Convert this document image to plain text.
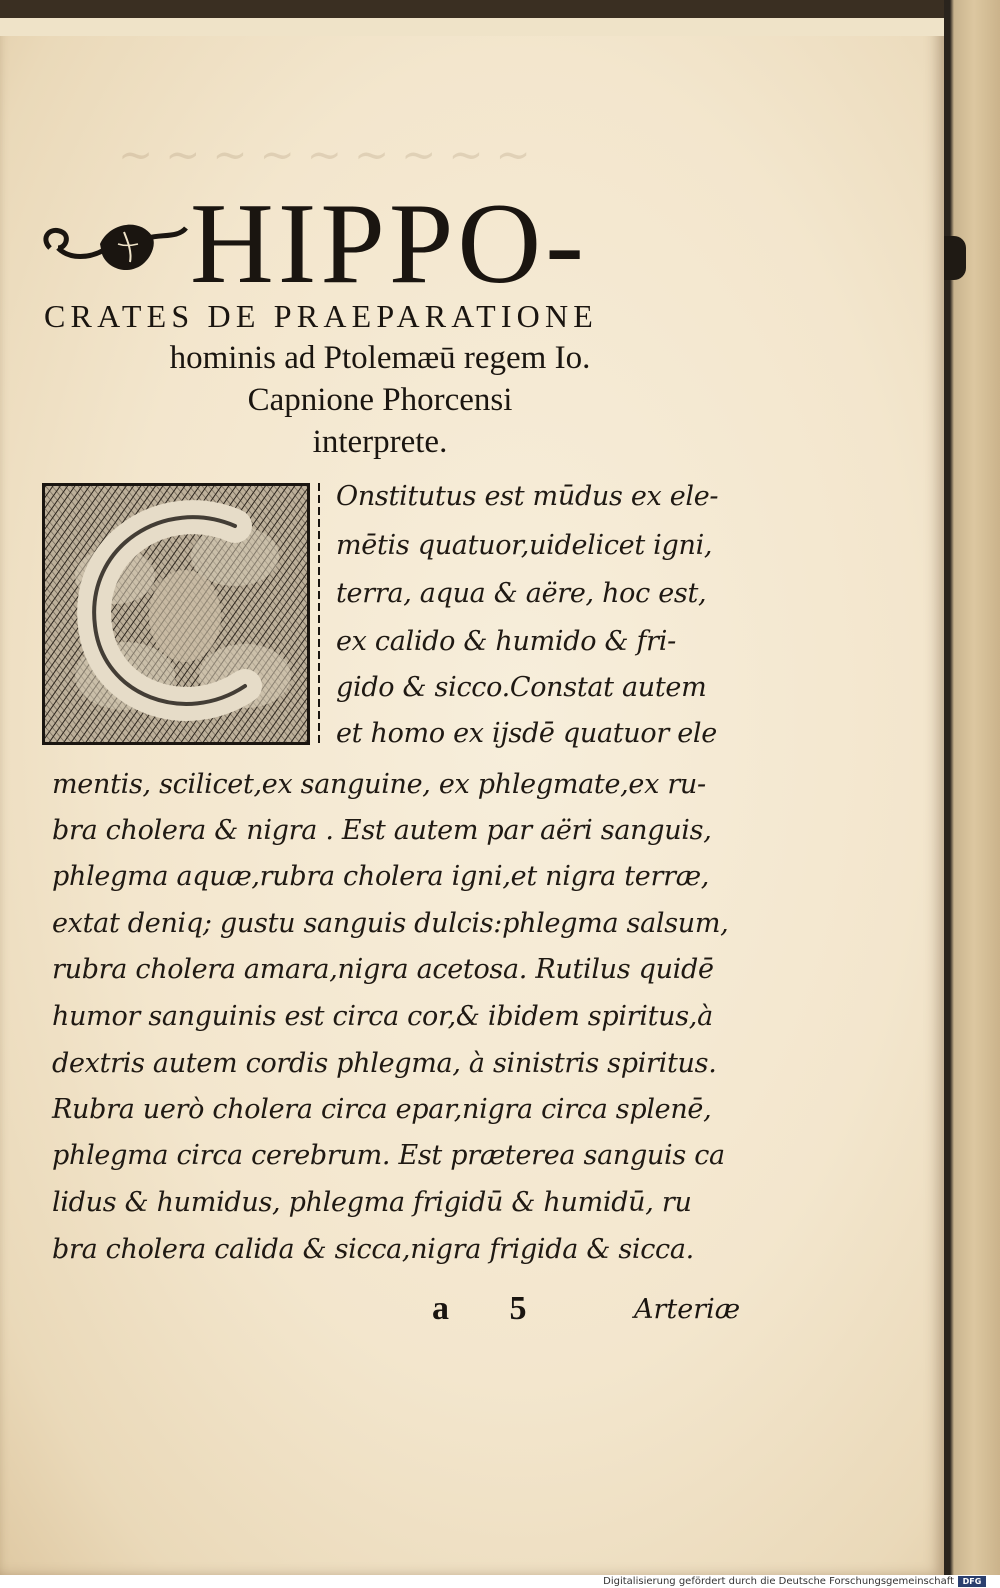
~~~~~~~~~
HIPPO-
CRATES DE PRAEPARATIONE
hominis ad Ptolemæū regem Io.
Capnione Phorcensi
interprete.
C
Onstitutus est mūdus ex ele-
mētis quatuor,uidelicet igni,
terra, aqua & aëre, hoc est,
ex calido & humido & fri-
gido & sicco.Constat autem
et homo ex ijsdē quatuor ele
mentis, scilicet,ex sanguine, ex phlegmate,ex ru-
bra cholera & nigra . Est autem par aëri sanguis,
phlegma aquæ,rubra cholera igni,et nigra terræ,
extat deniq; gustu sanguis dulcis:phlegma salsum,
rubra cholera amara,nigra acetosa. Rutilus quidē
humor sanguinis est circa cor,& ibidem spiritus,à
dextris autem cordis phlegma, à sinistris spiritus.
Rubra uerò cholera circa epar,nigra circa splenē,
phlegma circa cerebrum. Est præterea sanguis ca
lidus & humidus, phlegma frigidū & humidū, ru
bra cholera calida & sicca,nigra frigida & sicca.
a 5	Arteriæ
Digitalisierung gefördert durch die Deutsche Forschungsgemeinschaft	DFG
